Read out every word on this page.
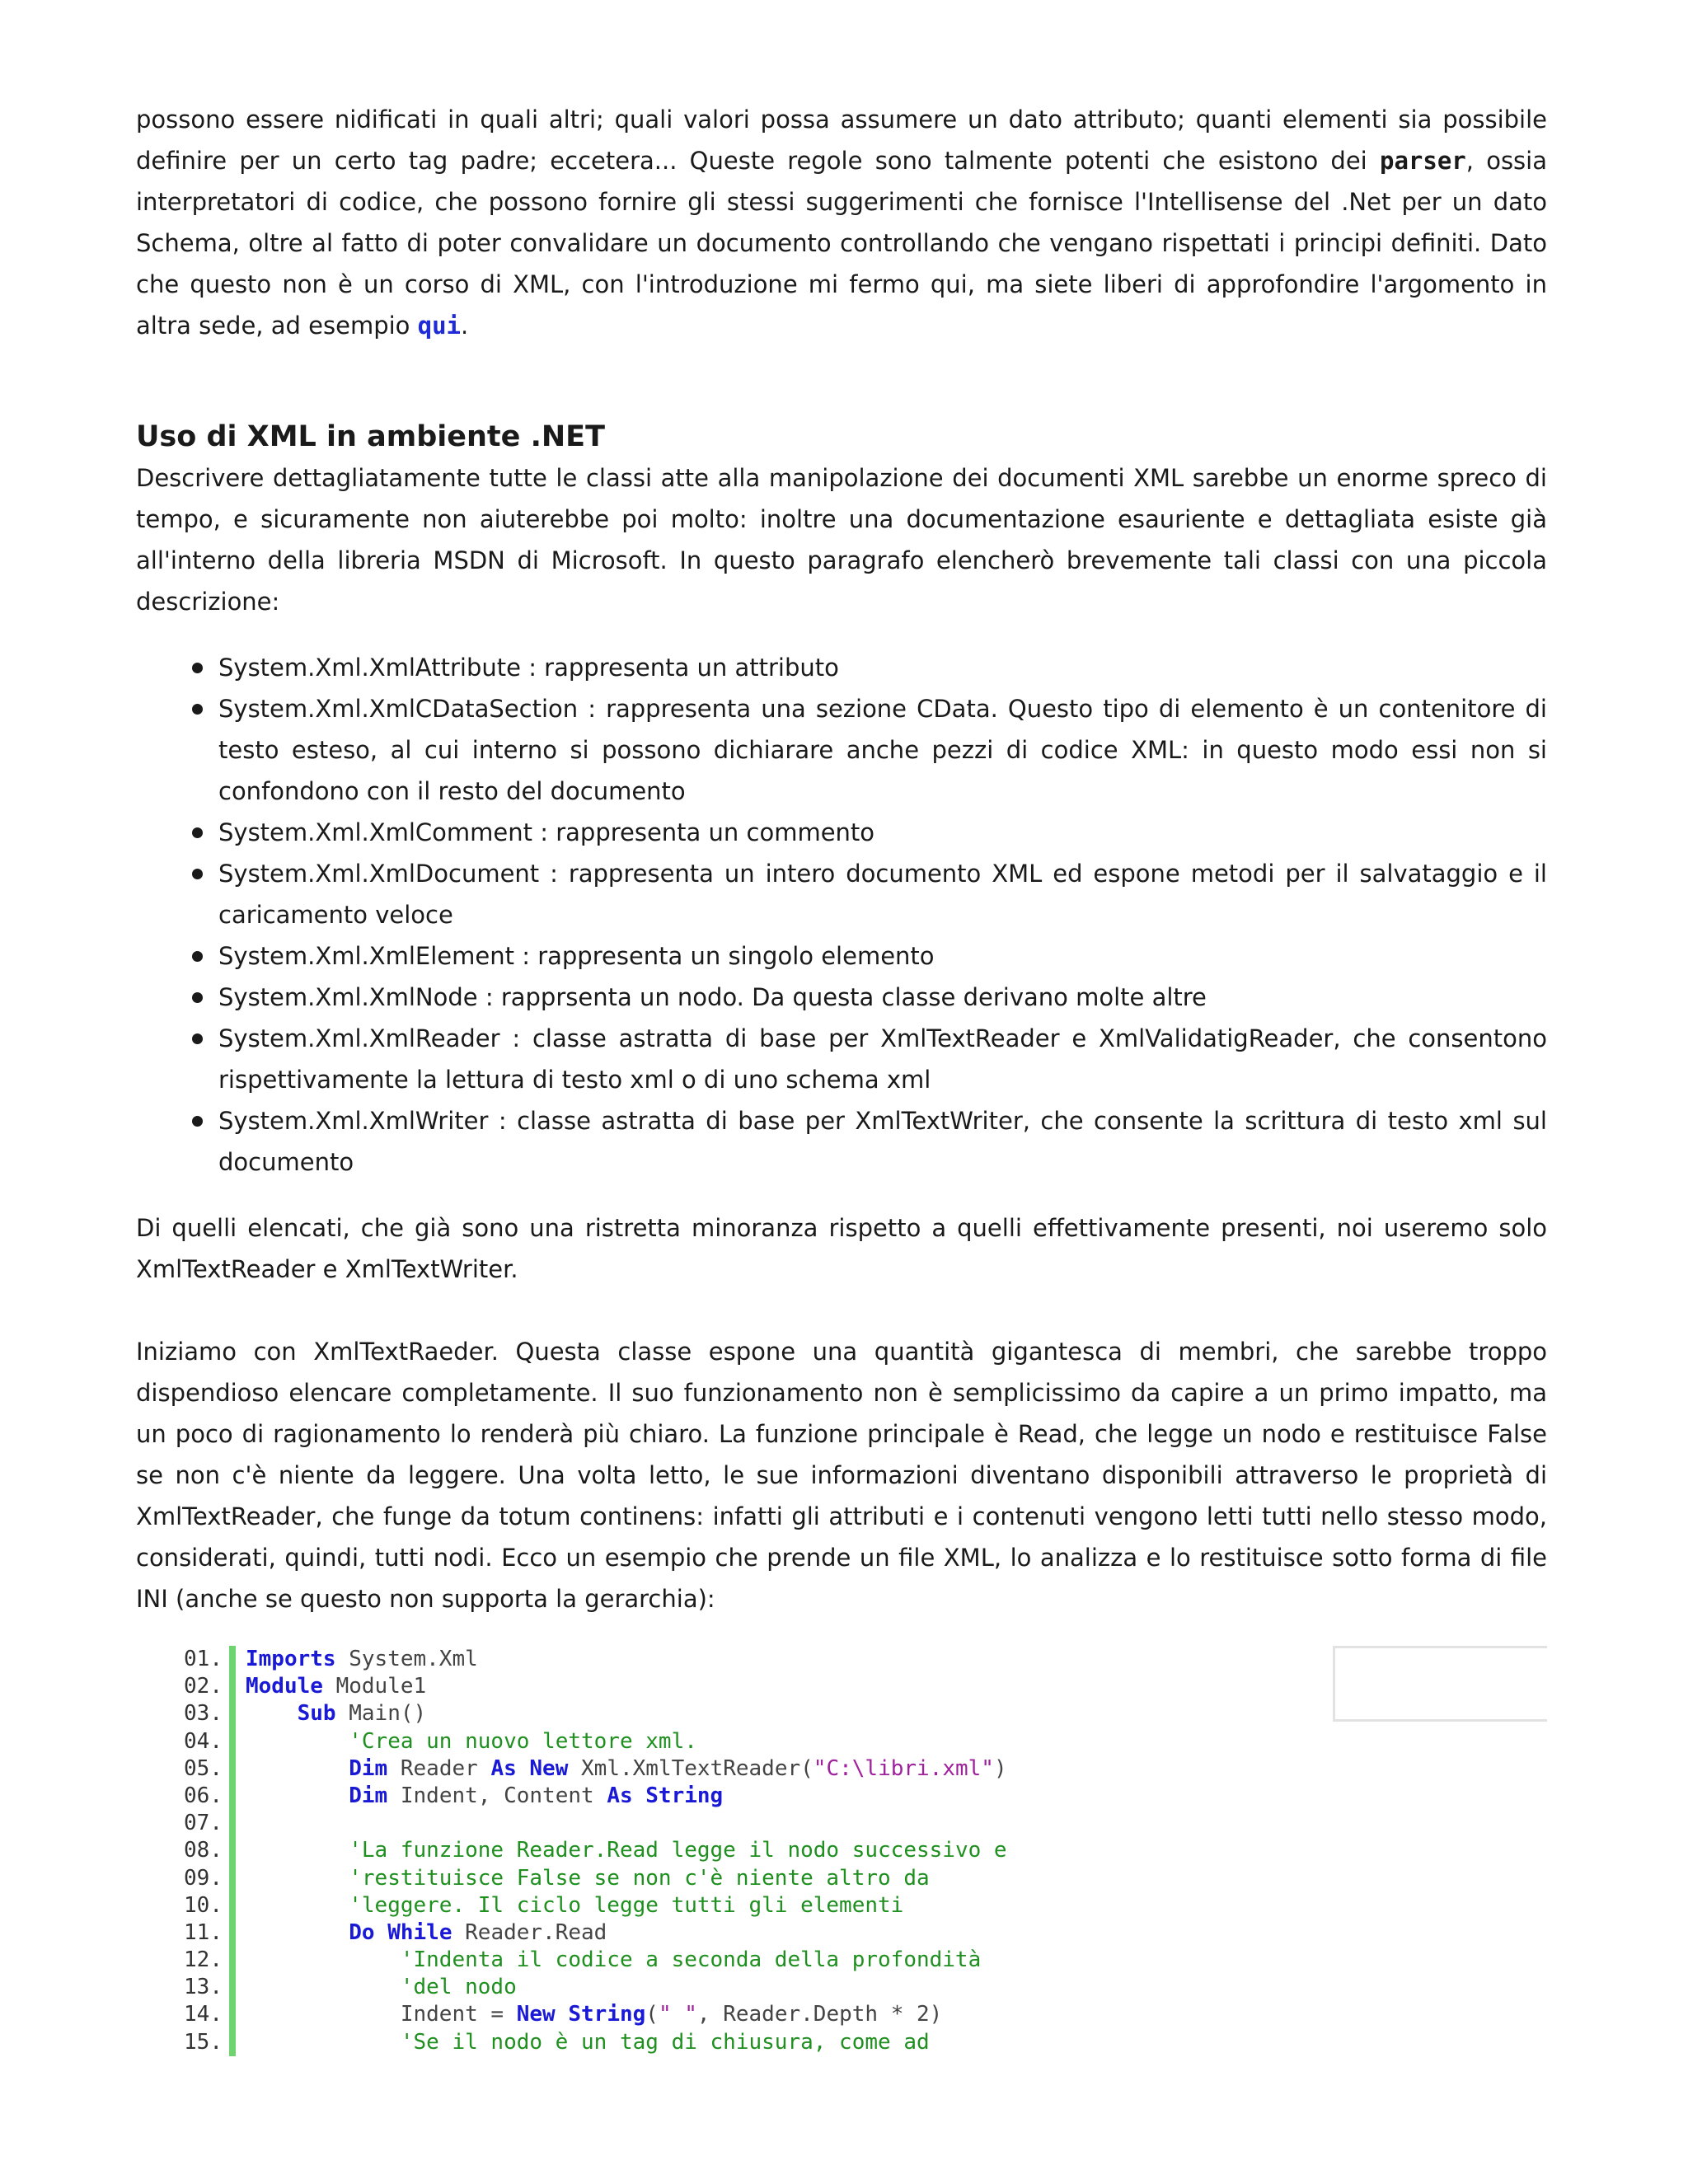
possono essere nidificati in quali altri; quali valori possa assumere un dato attributo; quanti elementi sia possibile definire per un certo tag padre; eccetera... Queste regole sono talmente potenti che esistono dei parser, ossia interpretatori di codice, che possono fornire gli stessi suggerimenti che fornisce l'Intellisense del .Net per un dato Schema, oltre al fatto di poter convalidare un documento controllando che vengano rispettati i principi definiti. Dato che questo non è un corso di XML, con l'introduzione mi fermo qui, ma siete liberi di approfondire l'argomento in altra sede, ad esempio qui.

Uso di XML in ambiente .NET

Descrivere dettagliatamente tutte le classi atte alla manipolazione dei documenti XML sarebbe un enorme spreco di tempo, e sicuramente non aiuterebbe poi molto: inoltre una documentazione esauriente e dettagliata esiste già all'interno della libreria MSDN di Microsoft. In questo paragrafo elencherò brevemente tali classi con una piccola descrizione:

System.Xml.XmlAttribute : rappresenta un attributo
System.Xml.XmlCDataSection : rappresenta una sezione CData. Questo tipo di elemento è un contenitore di testo esteso, al cui interno si possono dichiarare anche pezzi di codice XML: in questo modo essi non si confondono con il resto del documento
System.Xml.XmlComment : rappresenta un commento
System.Xml.XmlDocument : rappresenta un intero documento XML ed espone metodi per il salvataggio e il caricamento veloce
System.Xml.XmlElement : rappresenta un singolo elemento
System.Xml.XmlNode : rapprsenta un nodo. Da questa classe derivano molte altre
System.Xml.XmlReader : classe astratta di base per XmlTextReader e XmlValidatigReader, che consentono rispettivamente la lettura di testo xml o di uno schema xml
System.Xml.XmlWriter : classe astratta di base per XmlTextWriter, che consente la scrittura di testo xml sul documento

Di quelli elencati, che già sono una ristretta minoranza rispetto a quelli effettivamente presenti, noi useremo solo XmlTextReader e XmlTextWriter.

Iniziamo con XmlTextRaeder. Questa classe espone una quantità gigantesca di membri, che sarebbe troppo dispendioso elencare completamente. Il suo funzionamento non è semplicissimo da capire a un primo impatto, ma un poco di ragionamento lo renderà più chiaro. La funzione principale è Read, che legge un nodo e restituisce False se non c'è niente da leggere. Una volta letto, le sue informazioni diventano disponibili attraverso le proprietà di XmlTextReader, che funge da totum continens: infatti gli attributi e i contenuti vengono letti tutti nello stesso modo, considerati, quindi, tutti nodi. Ecco un esempio che prende un file XML, lo analizza e lo restituisce sotto forma di file INI (anche se questo non supporta la gerarchia):

01.	Imports System.Xml
02.	Module Module1
03.	Sub Main()
04.	'Crea un nuovo lettore xml.
05.	Dim Reader As New Xml.XmlTextReader("C:\libri.xml")
06.	Dim Indent, Content As String
07.
08.	'La funzione Reader.Read legge il nodo successivo e
09.	'restituisce False se non c'è niente altro da
10.	'leggere. Il ciclo legge tutti gli elementi
11.	Do While Reader.Read
12.	'Indenta il codice a seconda della profondità
13.	'del nodo
14.	Indent = New String(" ", Reader.Depth * 2)
15.	'Se il nodo è un tag di chiusura, come ad
